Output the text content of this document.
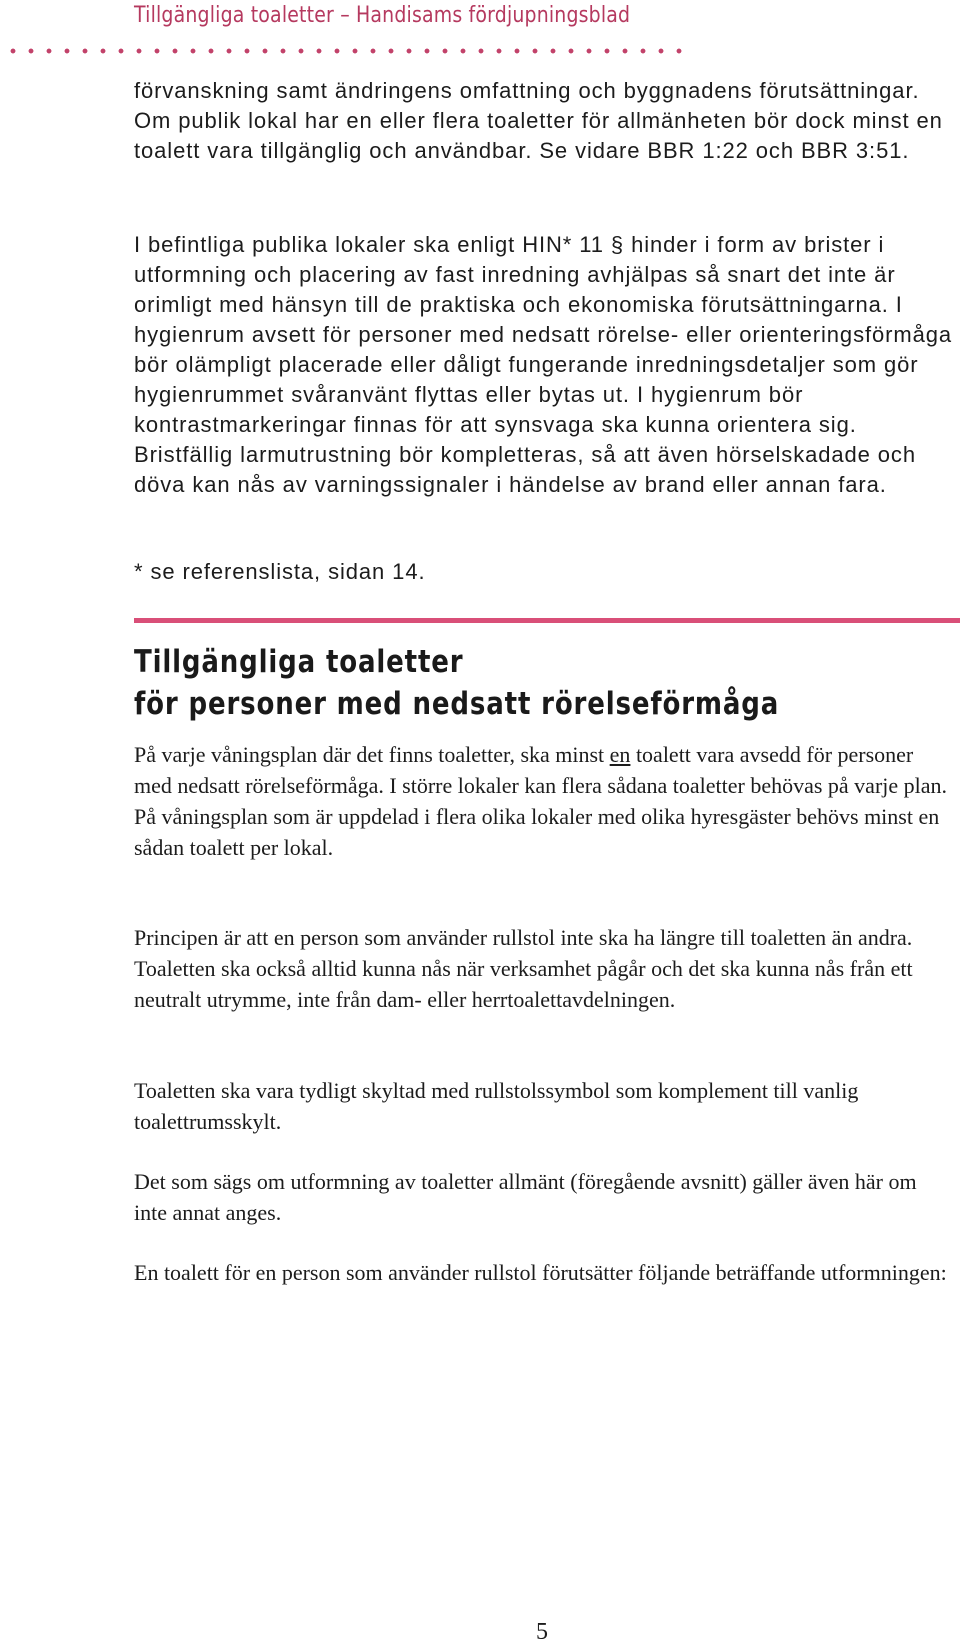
Tillgängliga toaletter – Handisams fördjupningsblad

förvanskning samt ändringens omfattning och byggnadens förutsättningar. Om publik lokal har en eller flera toaletter för allmänheten bör dock minst en toalett vara tillgänglig och användbar. Se vidare BBR 1:22 och BBR 3:51.

I befintliga publika lokaler ska enligt HIN* 11 § hinder i form av brister i utformning och placering av fast inredning avhjälpas så snart det inte är orimligt med hänsyn till de praktiska och ekonomiska förutsättningarna. I hygienrum avsett för personer med nedsatt rörelse- eller orienteringsförmåga bör olämpligt placerade eller dåligt fungerande inredningsdetaljer som gör hygienrummet svåranvänt flyttas eller bytas ut. I hygienrum bör kontrastmarkeringar finnas för att synsvaga ska kunna orientera sig. Bristfällig larmutrustning bör kompletteras, så att även hörselskadade och döva kan nås av varningssignaler i händelse av brand eller annan fara.

* se referenslista, sidan 14.

Tillgängliga toaletter
för personer med nedsatt rörelseförmåga

På varje våningsplan där det finns toaletter, ska minst en toalett vara avsedd för personer med nedsatt rörelseförmåga. I större lokaler kan flera sådana toaletter behövas på varje plan. På våningsplan som är uppdelad i flera olika lokaler med olika hyresgäster behövs minst en sådan toalett per lokal.

Principen är att en person som använder rullstol inte ska ha längre till toaletten än andra. Toaletten ska också alltid kunna nås när verksamhet pågår och det ska kunna nås från ett neutralt utrymme, inte från dam- eller herrtoalettavdelningen.

Toaletten ska vara tydligt skyltad med rullstolssymbol som komplement till vanlig toalettrumsskylt.

Det som sägs om utformning av toaletter allmänt (föregående avsnitt) gäller även här om inte annat anges.

En toalett för en person som använder rullstol förutsätter följande beträffande utformningen:

5
